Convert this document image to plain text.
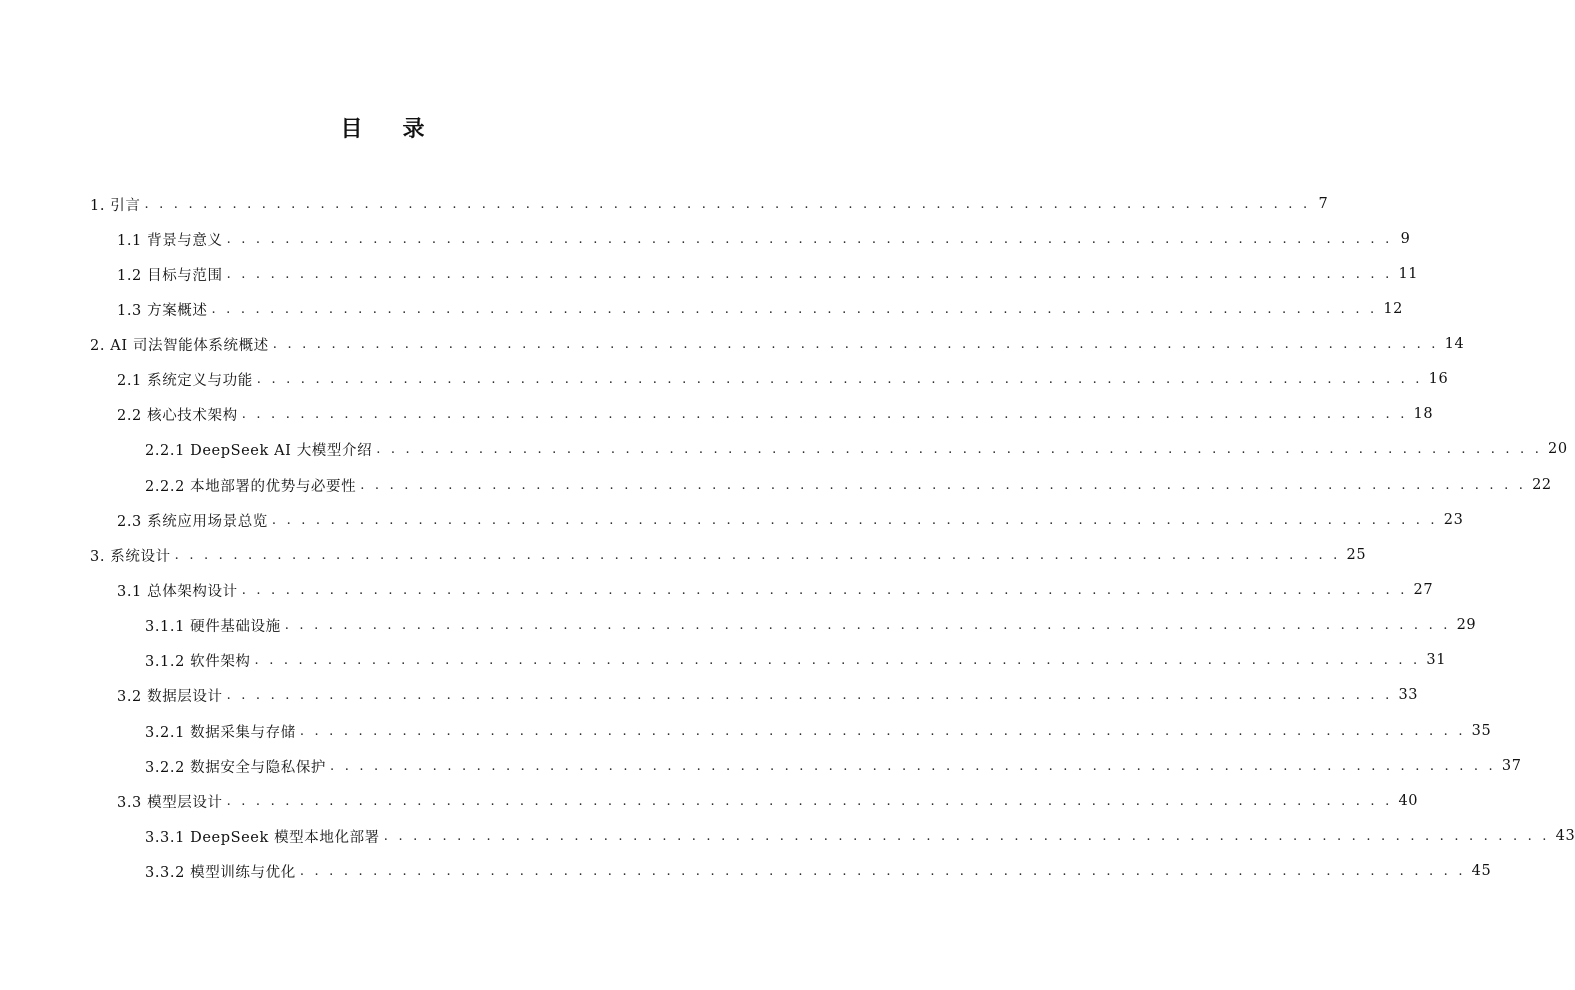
目 录
1. 引言 . . . . . . . . . . . . . . . . . . . . . . . . . . . . . . . . . . . . . . . . . . . . . . . . . . . . . . . . . . . . . . . . . . . . . . . . . . . . . . . . 7
1.1 背景与意义 . . . . . . . . . . . . . . . . . . . . . . . . . . . . . . . . . . . . . . . . . . . . . . . . . . . . . . . . . . . . . . . . . . . . . . . . . . . . . . . . 9
1.2 目标与范围 . . . . . . . . . . . . . . . . . . . . . . . . . . . . . . . . . . . . . . . . . . . . . . . . . . . . . . . . . . . . . . . . . . . . . . . . . . . . . . . . 11
1.3 方案概述 . . . . . . . . . . . . . . . . . . . . . . . . . . . . . . . . . . . . . . . . . . . . . . . . . . . . . . . . . . . . . . . . . . . . . . . . . . . . . . . . 12
2. AI 司法智能体系统概述 . . . . . . . . . . . . . . . . . . . . . . . . . . . . . . . . . . . . . . . . . . . . . . . . . . . . . . . . . . . . . . . . . . . . . . . . . . . . . . . . 14
2.1 系统定义与功能 . . . . . . . . . . . . . . . . . . . . . . . . . . . . . . . . . . . . . . . . . . . . . . . . . . . . . . . . . . . . . . . . . . . . . . . . . . . . . . . . 16
2.2 核心技术架构 . . . . . . . . . . . . . . . . . . . . . . . . . . . . . . . . . . . . . . . . . . . . . . . . . . . . . . . . . . . . . . . . . . . . . . . . . . . . . . . . 18
2.2.1 DeepSeek AI 大模型介绍 . . . . . . . . . . . . . . . . . . . . . . . . . . . . . . . . . . . . . . . . . . . . . . . . . . . . . . . . . . . . . . . . . . . . . . . . . . . . . . . . 20
2.2.2 本地部署的优势与必要性 . . . . . . . . . . . . . . . . . . . . . . . . . . . . . . . . . . . . . . . . . . . . . . . . . . . . . . . . . . . . . . . . . . . . . . . . . . . . . . . . 22
2.3 系统应用场景总览 . . . . . . . . . . . . . . . . . . . . . . . . . . . . . . . . . . . . . . . . . . . . . . . . . . . . . . . . . . . . . . . . . . . . . . . . . . . . . . . . 23
3. 系统设计 . . . . . . . . . . . . . . . . . . . . . . . . . . . . . . . . . . . . . . . . . . . . . . . . . . . . . . . . . . . . . . . . . . . . . . . . . . . . . . . . 25
3.1 总体架构设计 . . . . . . . . . . . . . . . . . . . . . . . . . . . . . . . . . . . . . . . . . . . . . . . . . . . . . . . . . . . . . . . . . . . . . . . . . . . . . . . . 27
3.1.1 硬件基础设施 . . . . . . . . . . . . . . . . . . . . . . . . . . . . . . . . . . . . . . . . . . . . . . . . . . . . . . . . . . . . . . . . . . . . . . . . . . . . . . . . 29
3.1.2 软件架构 . . . . . . . . . . . . . . . . . . . . . . . . . . . . . . . . . . . . . . . . . . . . . . . . . . . . . . . . . . . . . . . . . . . . . . . . . . . . . . . . 31
3.2 数据层设计 . . . . . . . . . . . . . . . . . . . . . . . . . . . . . . . . . . . . . . . . . . . . . . . . . . . . . . . . . . . . . . . . . . . . . . . . . . . . . . . . 33
3.2.1 数据采集与存储 . . . . . . . . . . . . . . . . . . . . . . . . . . . . . . . . . . . . . . . . . . . . . . . . . . . . . . . . . . . . . . . . . . . . . . . . . . . . . . . . 35
3.2.2 数据安全与隐私保护 . . . . . . . . . . . . . . . . . . . . . . . . . . . . . . . . . . . . . . . . . . . . . . . . . . . . . . . . . . . . . . . . . . . . . . . . . . . . . . . . 37
3.3 模型层设计 . . . . . . . . . . . . . . . . . . . . . . . . . . . . . . . . . . . . . . . . . . . . . . . . . . . . . . . . . . . . . . . . . . . . . . . . . . . . . . . . 40
3.3.1 DeepSeek 模型本地化部署 . . . . . . . . . . . . . . . . . . . . . . . . . . . . . . . . . . . . . . . . . . . . . . . . . . . . . . . . . . . . . . . . . . . . . . . . . . . . . . . . 43
3.3.2 模型训练与优化 . . . . . . . . . . . . . . . . . . . . . . . . . . . . . . . . . . . . . . . . . . . . . . . . . . . . . . . . . . . . . . . . . . . . . . . . . . . . . . . . 45
